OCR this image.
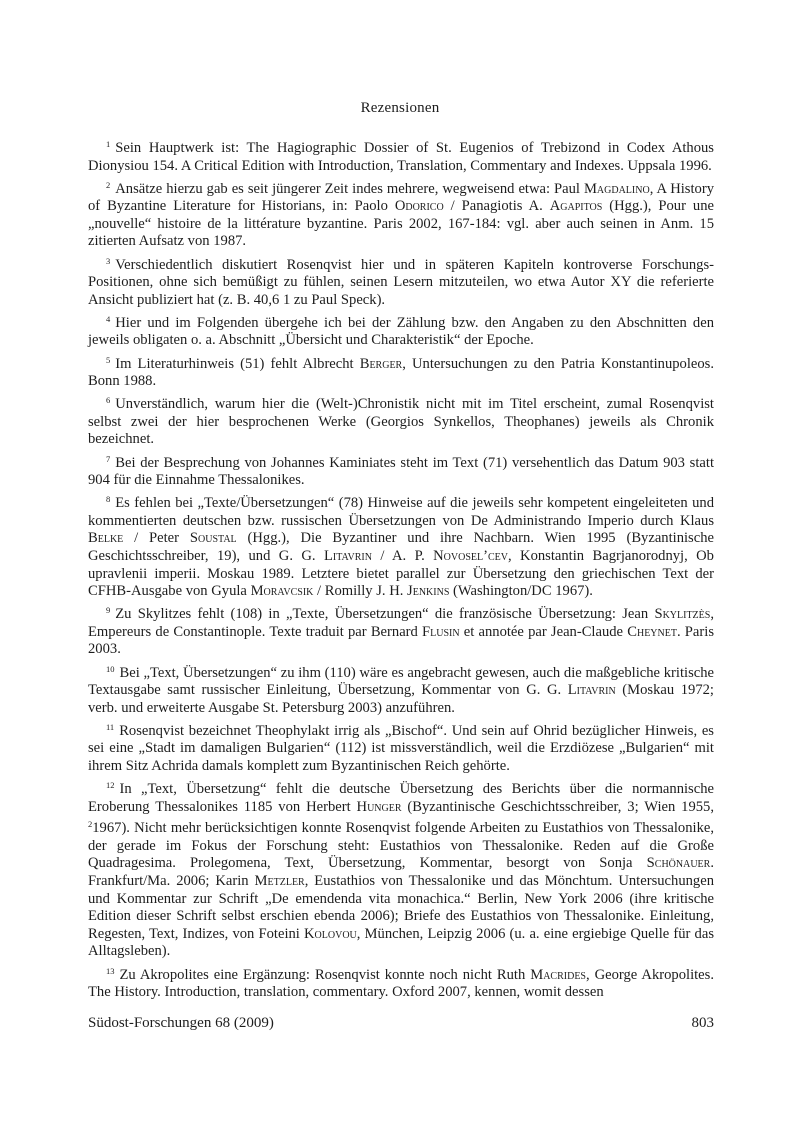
Rezensionen

$^1$ Sein Hauptwerk ist: The Hagiographic Dossier of St. Eugenios of Trebizond in Codex Athous Dionysiou 154. A Critical Edition with Introduction, Translation, Commentary and Indexes. Uppsala 1996.

$^2$ Ansätze hierzu gab es seit jüngerer Zeit indes mehrere, wegweisend etwa: Paul Magdalino, A History of Byzantine Literature for Historians, in: Paolo Odorico / Panagiotis A. Agapitos (Hgg.), Pour une „nouvelle“ histoire de la littérature byzantine. Paris 2002, 167-184: vgl. aber auch seinen in Anm. 15 zitierten Aufsatz von 1987.

$^3$ Verschiedentlich diskutiert Rosenqvist hier und in späteren Kapiteln kontroverse Forschungs-Positionen, ohne sich bemüßigt zu fühlen, seinen Lesern mitzuteilen, wo etwa Autor XY die referierte Ansicht publiziert hat (z. B. 40,6 1 zu Paul Speck).

$^4$ Hier und im Folgenden übergehe ich bei der Zählung bzw. den Angaben zu den Abschnitten den jeweils obligaten o. a. Abschnitt „Übersicht und Charakteristik“ der Epoche.

$^5$ Im Literaturhinweis (51) fehlt Albrecht Berger, Untersuchungen zu den Patria Konstantinupoleos. Bonn 1988.

$^6$ Unverständlich, warum hier die (Welt-)Chronistik nicht mit im Titel erscheint, zumal Rosenqvist selbst zwei der hier besprochenen Werke (Georgios Synkellos, Theophanes) jeweils als Chronik bezeichnet.

$^7$ Bei der Besprechung von Johannes Kaminiates steht im Text (71) versehentlich das Datum 903 statt 904 für die Einnahme Thessalonikes.

$^8$ Es fehlen bei „Texte/Übersetzungen“ (78) Hinweise auf die jeweils sehr kompetent eingeleiteten und kommentierten deutschen bzw. russischen Übersetzungen von De Administrando Imperio durch Klaus Belke / Peter Soustal (Hgg.), Die Byzantiner und ihre Nachbarn. Wien 1995 (Byzantinische Geschichtsschreiber, 19), und G. G. Litavrin / A. P. Novosel’cev, Konstantin Bagrjanorodnyj, Ob upravlenii imperii. Moskau 1989. Letztere bietet parallel zur Übersetzung den griechischen Text der CFHB-Ausgabe von Gyula Moravcsik / Romilly J. H. Jenkins (Washington/DC 1967).

$^9$ Zu Skylitzes fehlt (108) in „Texte, Übersetzungen“ die französische Übersetzung: Jean Skylitzès, Empereurs de Constantinople. Texte traduit par Bernard Flusin et annotée par Jean-Claude Cheynet. Paris 2003.

$^{10}$ Bei „Text, Übersetzungen“ zu ihm (110) wäre es angebracht gewesen, auch die maßgebliche kritische Textausgabe samt russischer Einleitung, Übersetzung, Kommentar von G. G. Litavrin (Moskau 1972; verb. und erweiterte Ausgabe St. Petersburg 2003) anzuführen.

$^{11}$ Rosenqvist bezeichnet Theophylakt irrig als „Bischof“. Und sein auf Ohrid bezüglicher Hinweis, es sei eine „Stadt im damaligen Bulgarien“ (112) ist missverständlich, weil die Erzdiözese „Bulgarien“ mit ihrem Sitz Achrida damals komplett zum Byzantinischen Reich gehörte.

$^{12}$ In „Text, Übersetzung“ fehlt die deutsche Übersetzung des Berichts über die normannische Eroberung Thessalonikes 1185 von Herbert Hunger (Byzantinische Geschichtsschreiber, 3; Wien 1955, $^2$1967). Nicht mehr berücksichtigen konnte Rosenqvist folgende Arbeiten zu Eustathios von Thessalonike, der gerade im Fokus der Forschung steht: Eustathios von Thessalonike. Reden auf die Große Quadragesima. Prolegomena, Text, Übersetzung, Kommentar, besorgt von Sonja Schönauer. Frankfurt/Ma. 2006; Karin Metzler, Eustathios von Thessalonike und das Mönchtum. Untersuchungen und Kommentar zur Schrift „De emendenda vita monachica.“ Berlin, New York 2006 (ihre kritische Edition dieser Schrift selbst erschien ebenda 2006); Briefe des Eustathios von Thessalonike. Einleitung, Regesten, Text, Indizes, von Foteini Kolovou, München, Leipzig 2006 (u. a. eine ergiebige Quelle für das Alltagsleben).

$^{13}$ Zu Akropolites eine Ergänzung: Rosenqvist konnte noch nicht Ruth Macrides, George Akropolites. The History. Introduction, translation, commentary. Oxford 2007, kennen, womit dessen

Südost-Forschungen 68 (2009)	803
